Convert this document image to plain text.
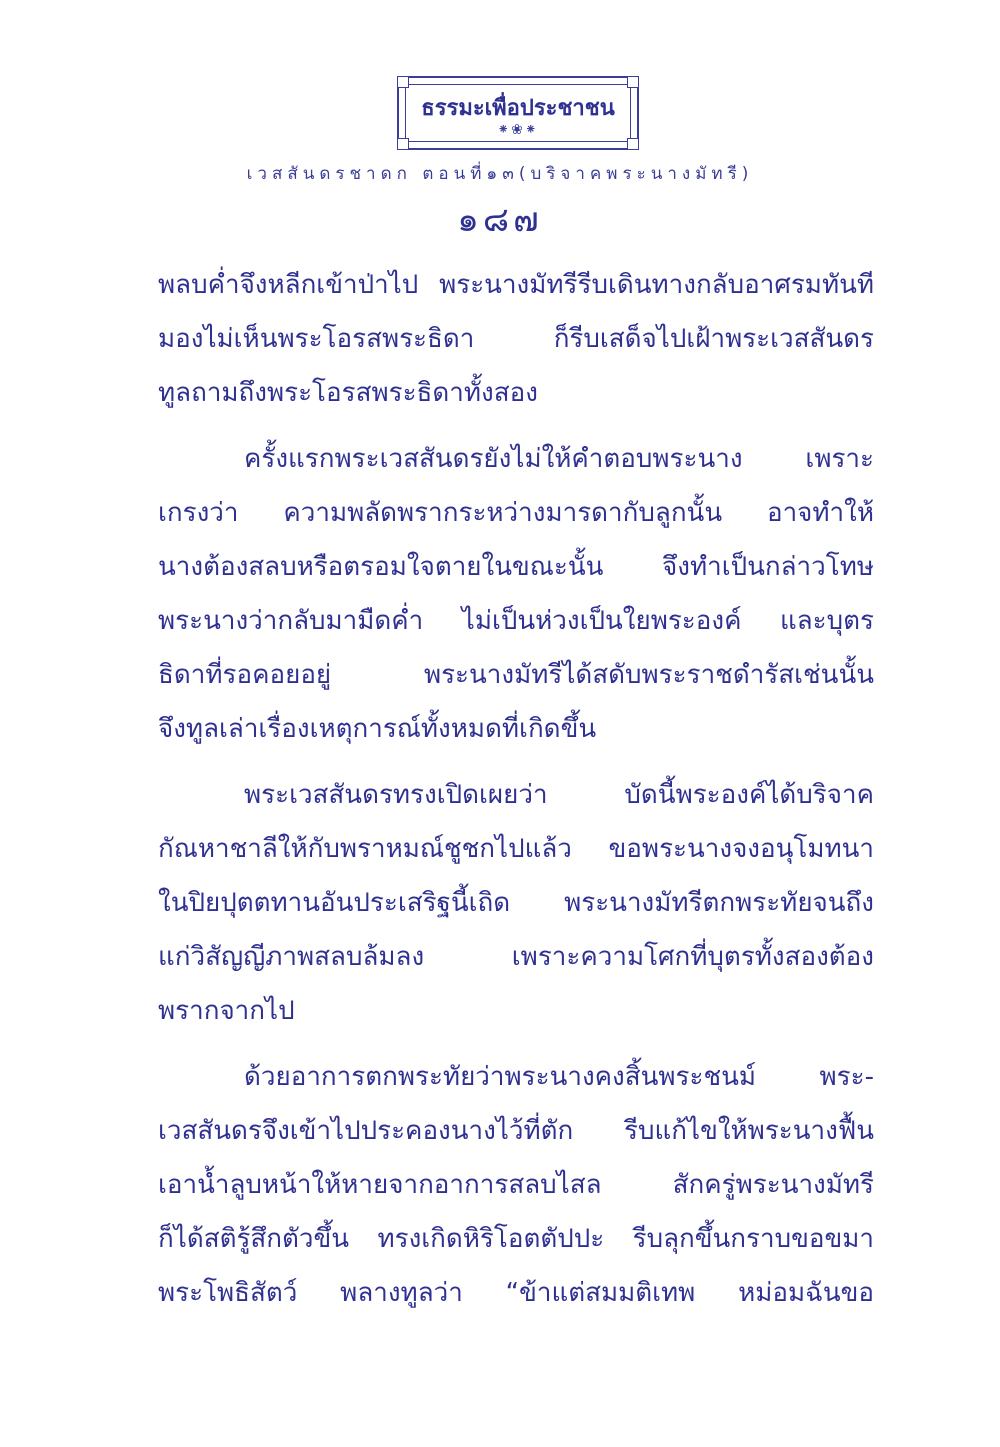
ธรรมะเพื่อประชาชน
⁕❀⁕
เวสสันดรชาดก ตอนที่๑๓(บริจาคพระนางมัทรี)
๑๘๗
พลบค่ำจึงหลีกเข้าป่าไป พระนางมัทรีรีบเดินทางกลับอาศรมทันที
มองไม่เห็นพระโอรสพระธิดา ก็รีบเสด็จไปเฝ้าพระเวสสันดร
ทูลถามถึงพระโอรสพระธิดาทั้งสอง
ครั้งแรกพระเวสสันดรยังไม่ให้คำตอบพระนาง เพราะ
เกรงว่า ความพลัดพรากระหว่างมารดากับลูกนั้น อาจทำให้
นางต้องสลบหรือตรอมใจตายในขณะนั้น จึงทำเป็นกล่าวโทษ
พระนางว่ากลับมามืดค่ำ ไม่เป็นห่วงเป็นใยพระองค์ และบุตร
ธิดาที่รอคอยอยู่ พระนางมัทรีได้สดับพระราชดำรัสเช่นนั้น
จึงทูลเล่าเรื่องเหตุการณ์ทั้งหมดที่เกิดขึ้น
พระเวสสันดรทรงเปิดเผยว่า บัดนี้พระองค์ได้บริจาค
กัณหาชาลีให้กับพราหมณ์ชูชกไปแล้ว ขอพระนางจงอนุโมทนา
ในปิยปุตตทานอันประเสริฐนี้เถิด พระนางมัทรีตกพระทัยจนถึง
แก่วิสัญญีภาพสลบล้มลง เพราะความโศกที่บุตรทั้งสองต้อง
พรากจากไป
ด้วยอาการตกพระทัยว่าพระนางคงสิ้นพระชนม์ พระ-
เวสสันดรจึงเข้าไปประคองนางไว้ที่ตัก รีบแก้ไขให้พระนางฟื้น
เอาน้ำลูบหน้าให้หายจากอาการสลบไสล สักครู่พระนางมัทรี
ก็ได้สติรู้สึกตัวขึ้น ทรงเกิดหิริโอตตัปปะ รีบลุกขึ้นกราบขอขมา
พระโพธิสัตว์ พลางทูลว่า “ข้าแต่สมมติเทพ หม่อมฉันขอ
